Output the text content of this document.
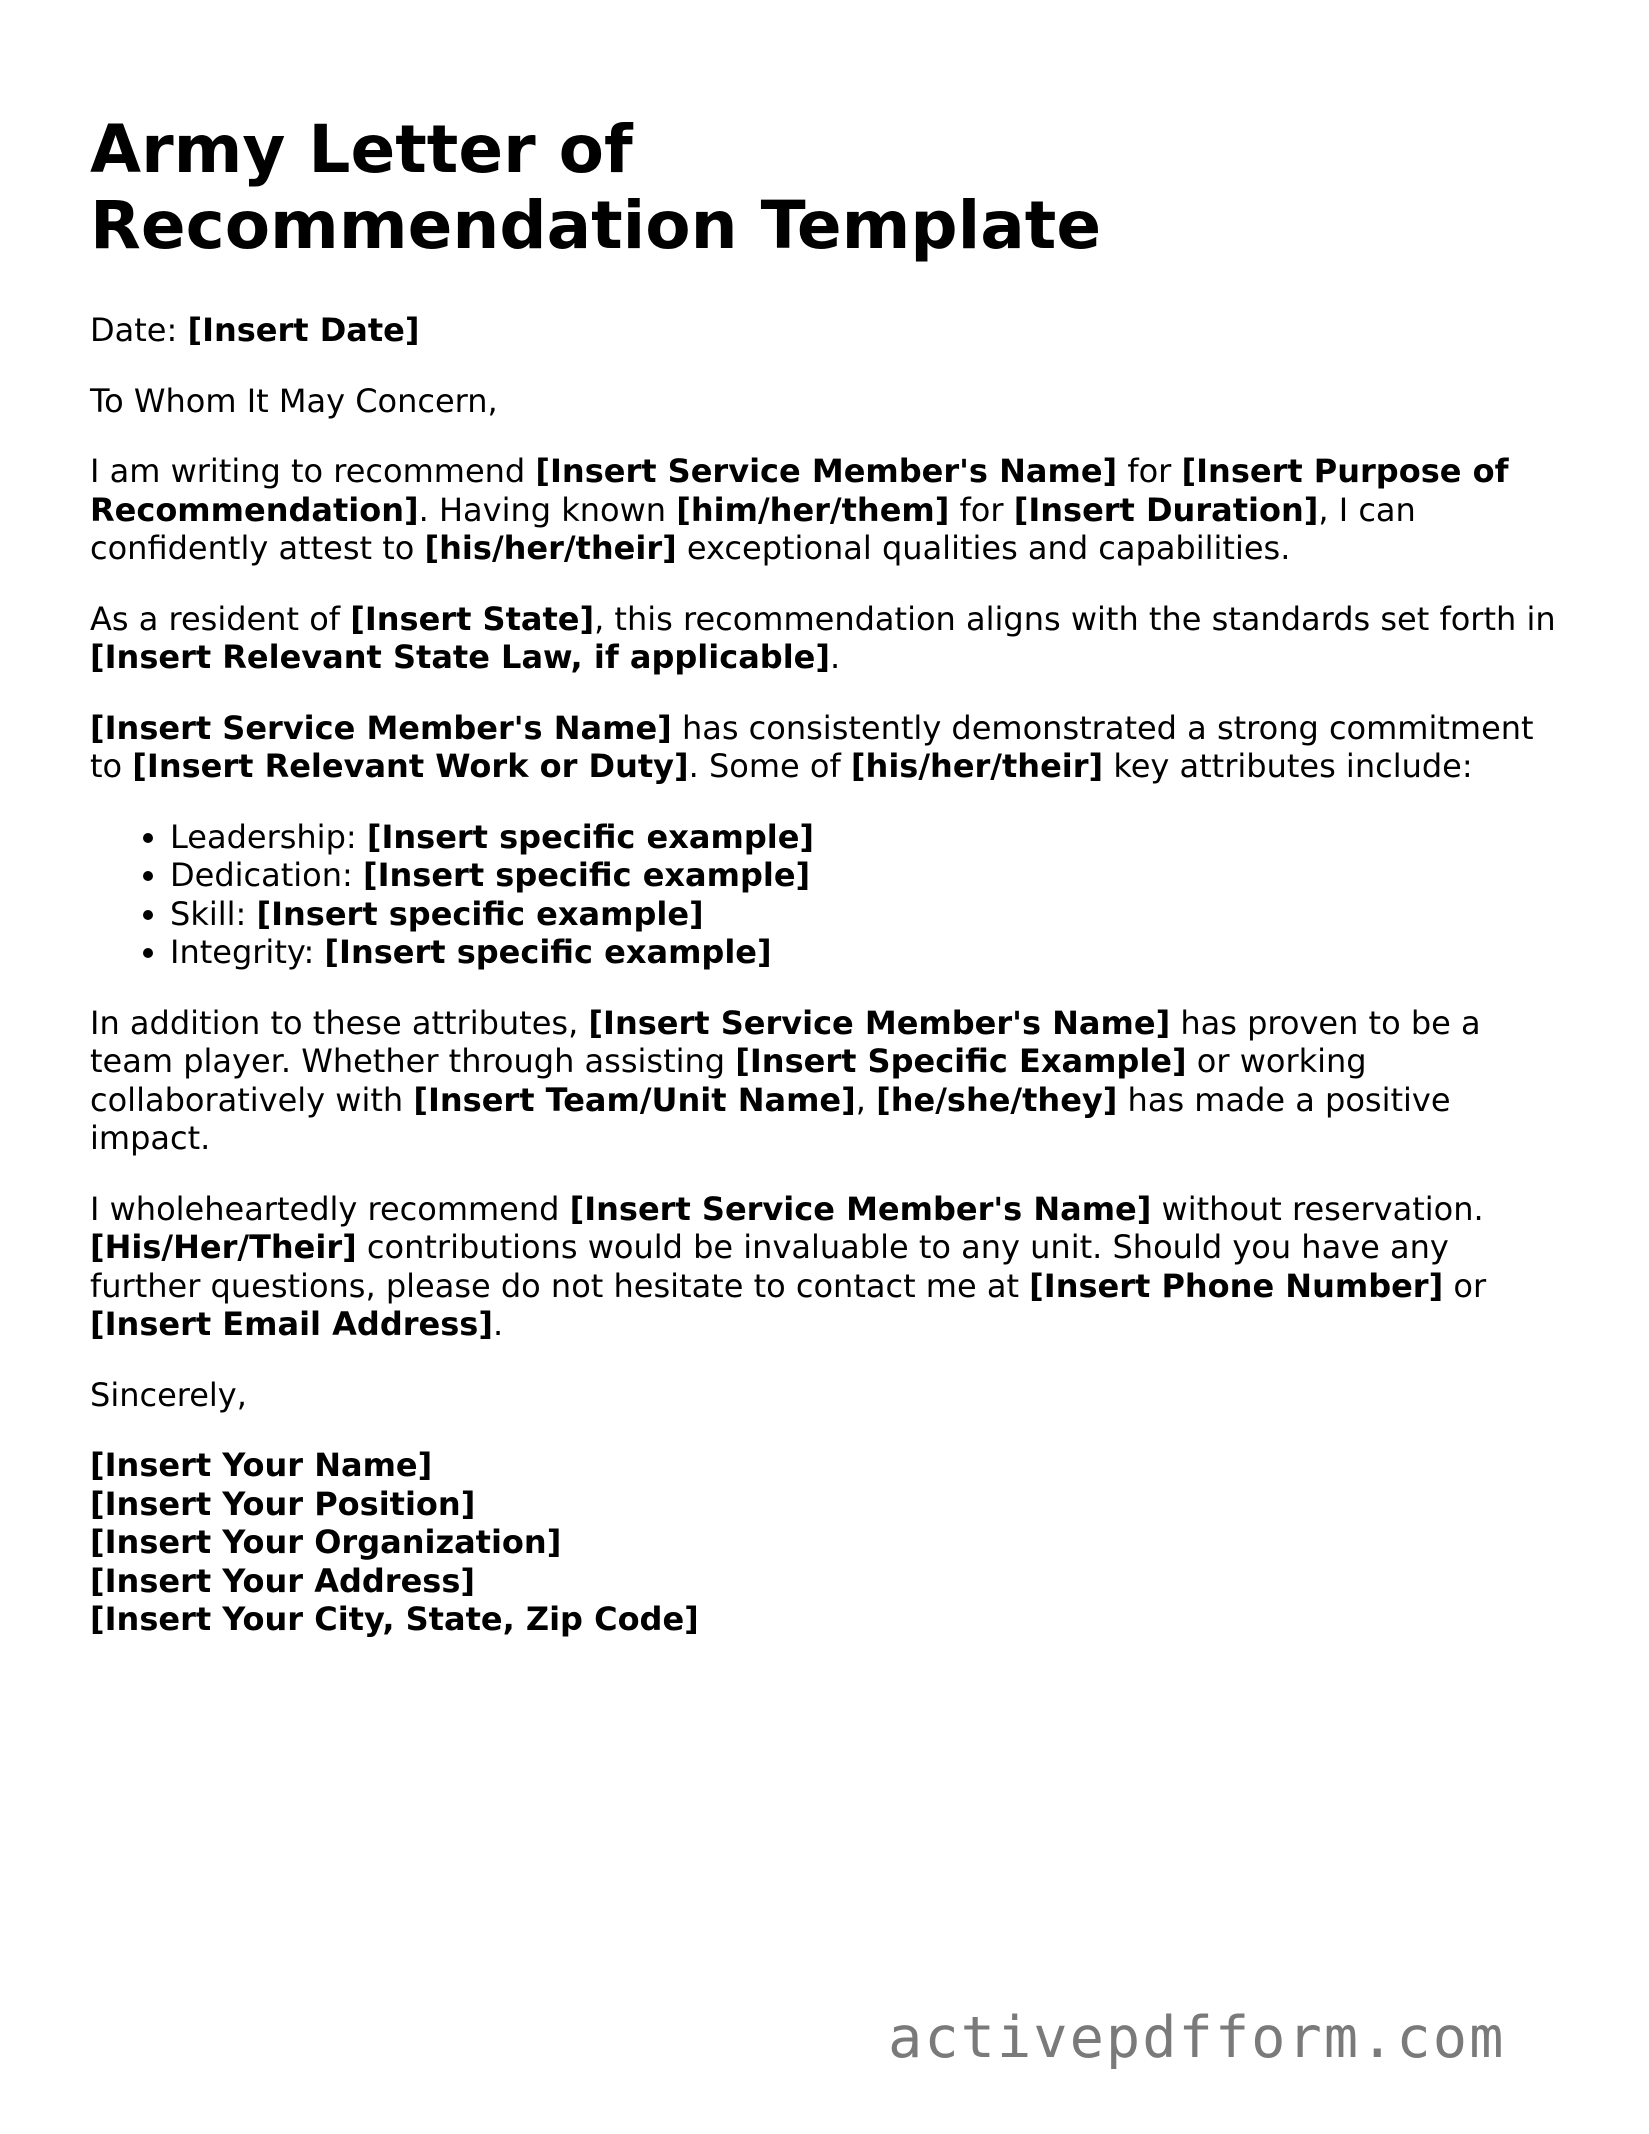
Army Letter of Recommendation Template

Date: [Insert Date]

To Whom It May Concern,

I am writing to recommend [Insert Service Member's Name] for [Insert Purpose of Recommendation]. Having known [him/her/them] for [Insert Duration], I can confidently attest to [his/her/their] exceptional qualities and capabilities.

As a resident of [Insert State], this recommendation aligns with the standards set forth in [Insert Relevant State Law, if applicable].

[Insert Service Member's Name] has consistently demonstrated a strong commitment to [Insert Relevant Work or Duty]. Some of [his/her/their] key attributes include:

• Leadership: [Insert specific example]
• Dedication: [Insert specific example]
• Skill: [Insert specific example]
• Integrity: [Insert specific example]

In addition to these attributes, [Insert Service Member's Name] has proven to be a team player. Whether through assisting [Insert Specific Example] or working collaboratively with [Insert Team/Unit Name], [he/she/they] has made a positive impact.

I wholeheartedly recommend [Insert Service Member's Name] without reservation. [His/Her/Their] contributions would be invaluable to any unit. Should you have any further questions, please do not hesitate to contact me at [Insert Phone Number] or [Insert Email Address].

Sincerely,

[Insert Your Name]
[Insert Your Position]
[Insert Your Organization]
[Insert Your Address]
[Insert Your City, State, Zip Code]
activepdfform.com
